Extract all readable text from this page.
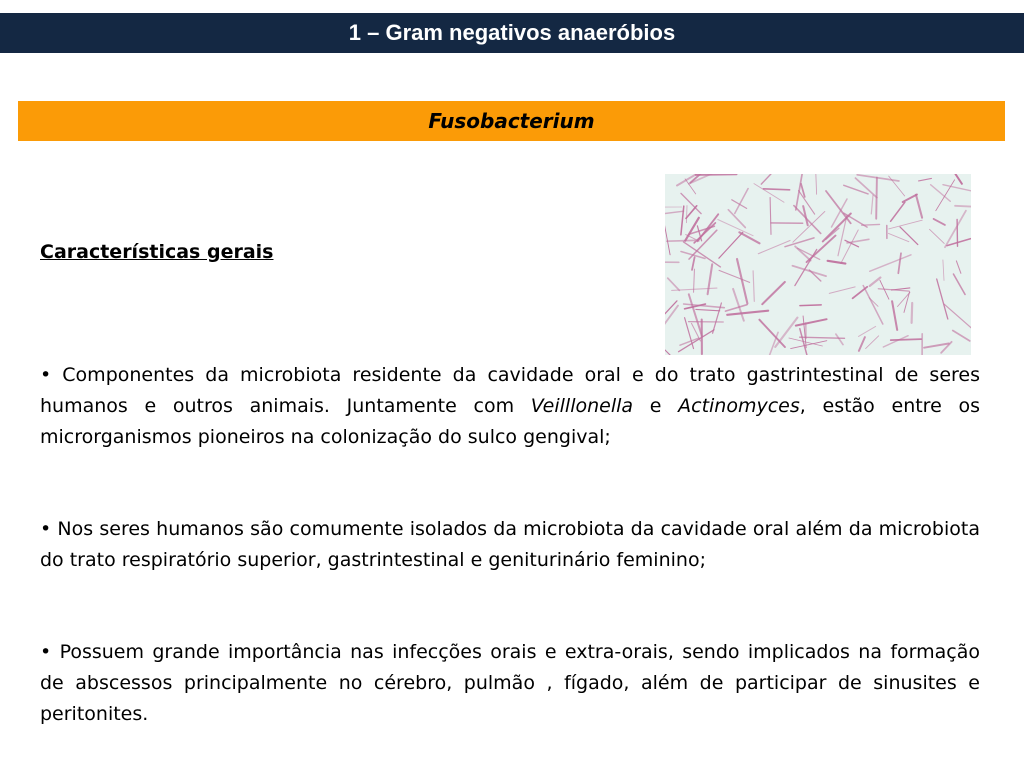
1 – Gram negativos anaeróbios
Fusobacterium
Características gerais

• Componentes da microbiota residente da cavidade oral e do trato gastrintestinal de seres humanos e outros animais. Juntamente com Veilllonella e Actinomyces, estão entre os microrganismos pioneiros na colonização do sulco gengival;

• Nos seres humanos são comumente isolados da microbiota da cavidade oral além da microbiota do trato respiratório superior, gastrintestinal e geniturinário feminino;

• Possuem grande importância nas infecções orais e extra-orais, sendo implicados na formação de abscessos principalmente no cérebro, pulmão , fígado, além de participar de sinusites e peritonites.
